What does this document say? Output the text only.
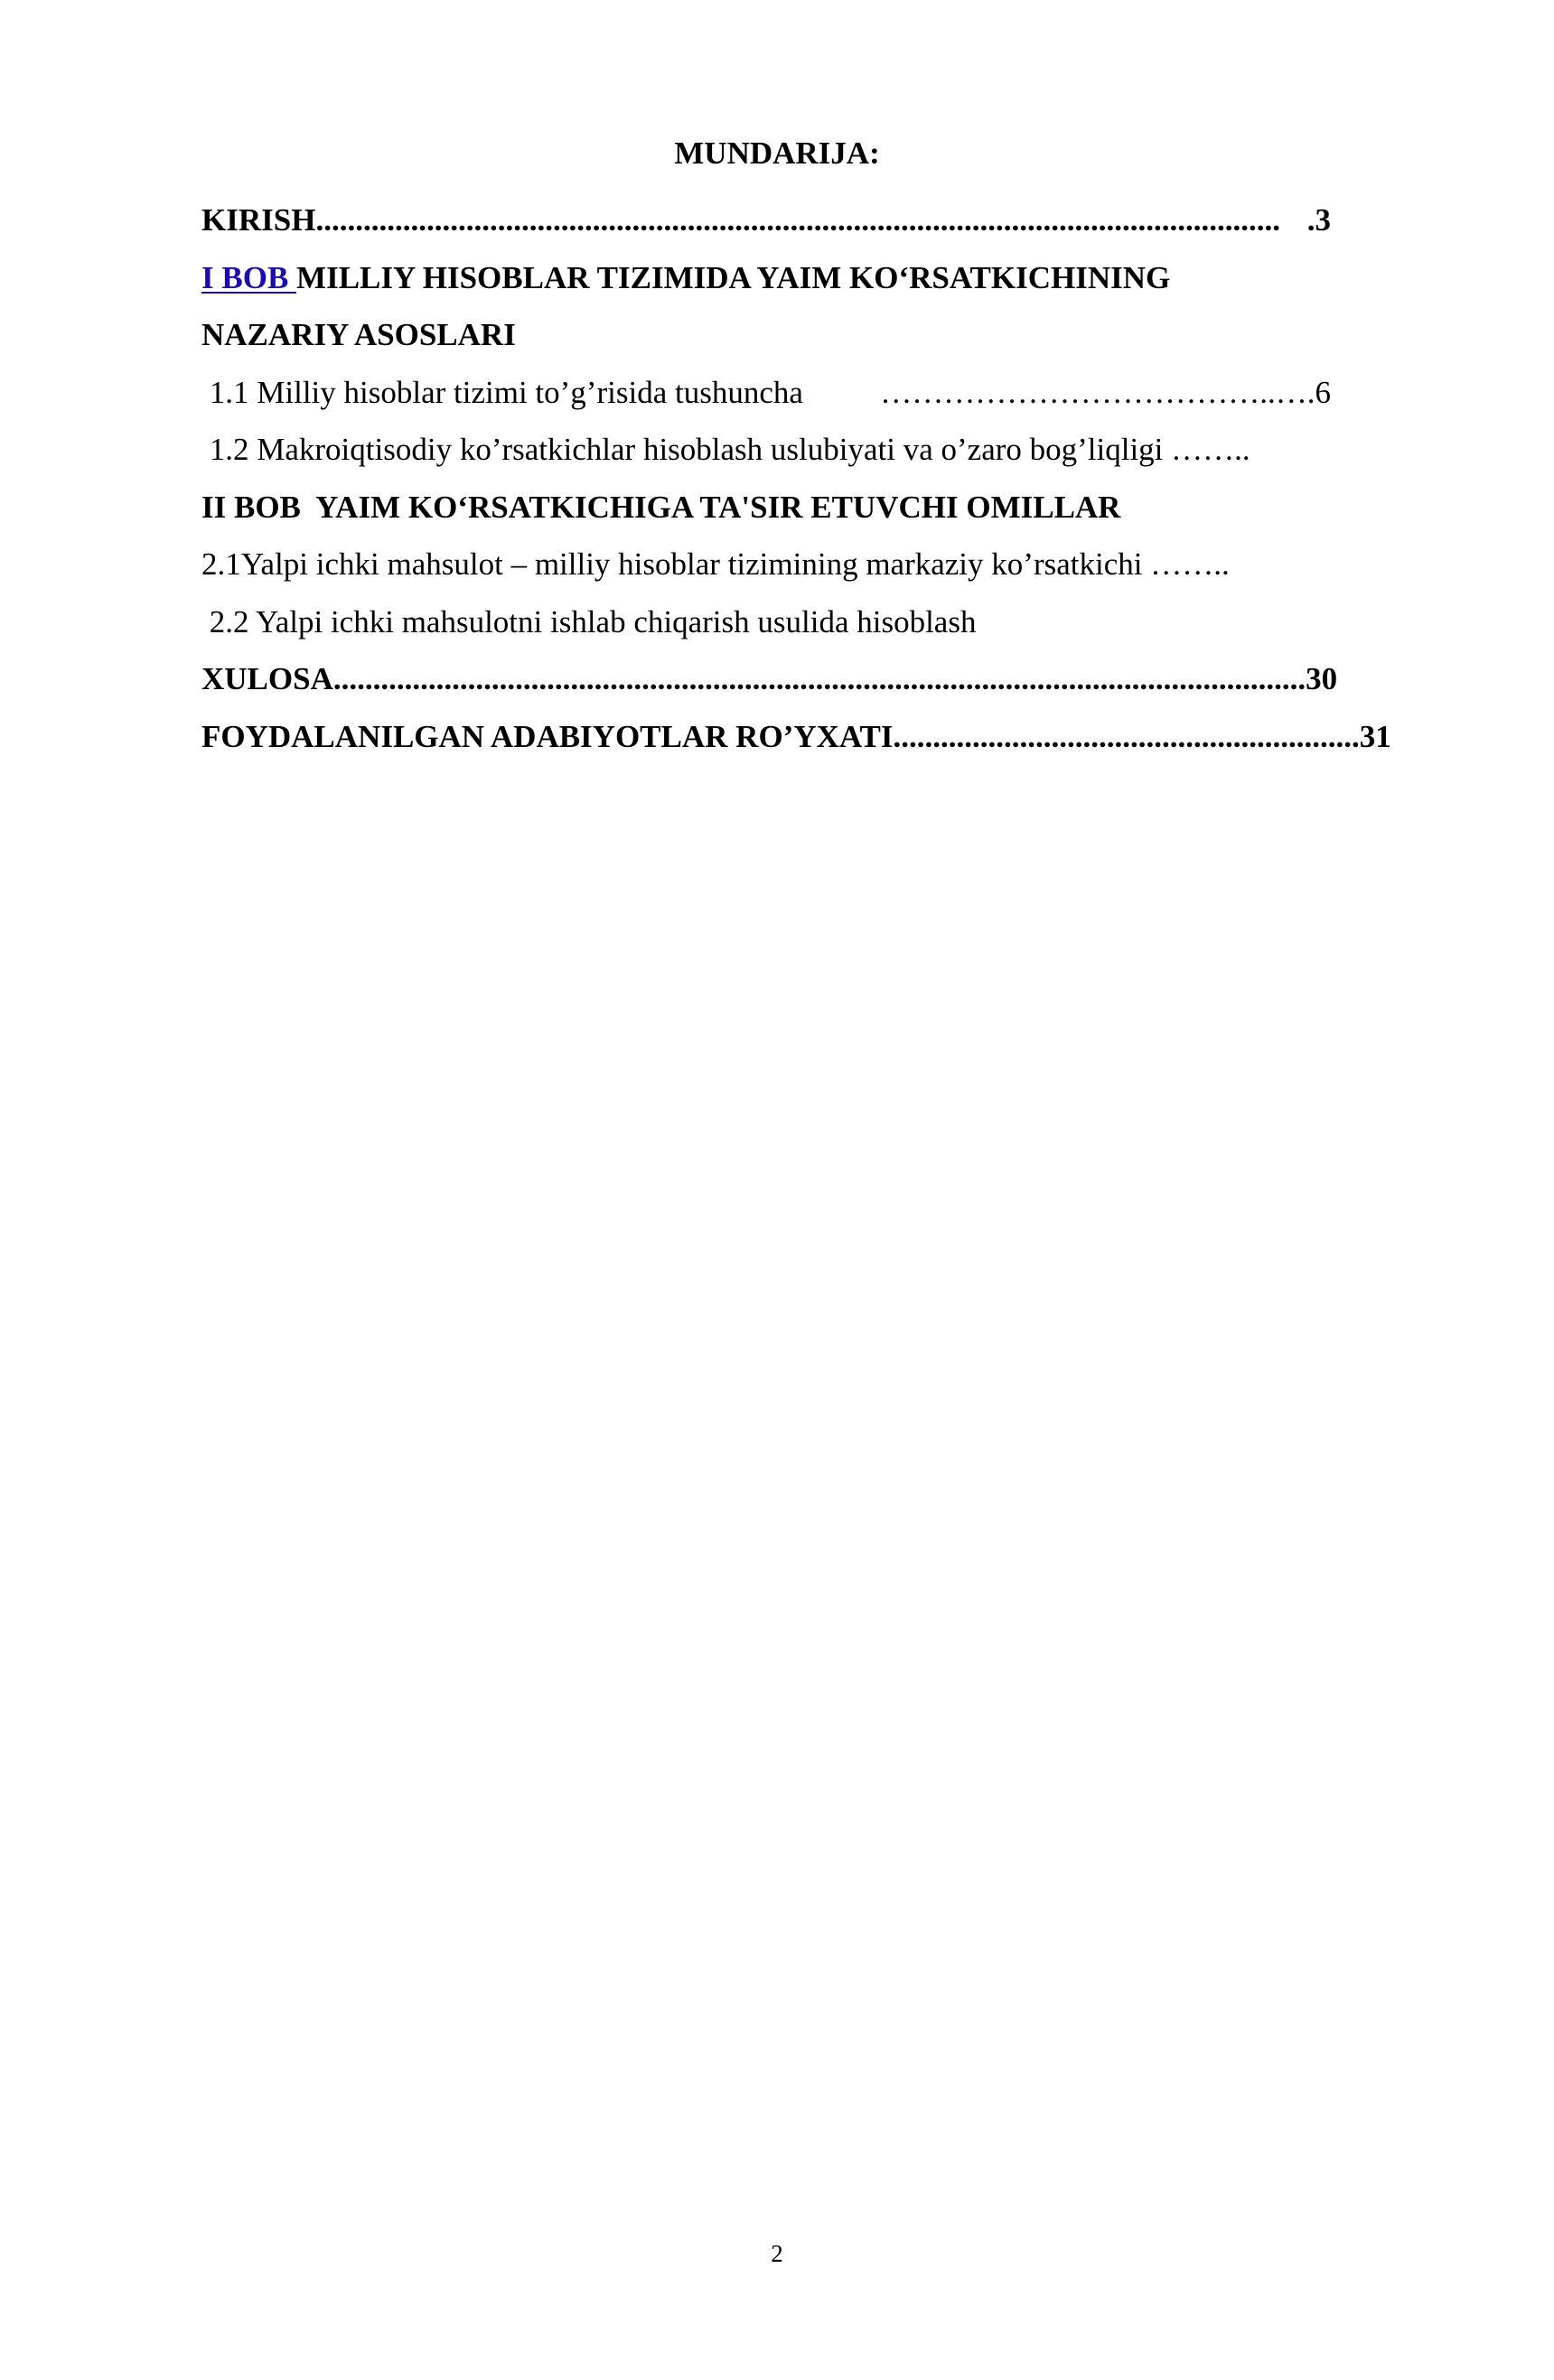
MUNDARIJA:
KIRISH .......................................................................................................................... .3
I BOB MILLIY HISOBLAR TIZIMIDA YAIM KO‘RSATKICHINING
NAZARIY ASOSLARI
1.1 Milliy hisoblar tizimi to’g’risida tushuncha	……………………………….. ….6
1.2 Makroiqtisodiy ko’rsatkichlar hisoblash uslubiyati va o’zaro bog’liqligi ……..
II BOB  YAIM KO‘RSATKICHIGA TA'SIR ETUVCHI OMILLAR
2.1Yalpi ichki mahsulot – milliy hisoblar tizimining markaziy ko’rsatkichi ……..
2.2 Yalpi ichki mahsulotni ishlab chiqarish usulida hisoblash
XULOSA .......................................................................................................................... .30
FOYDALANILGAN ADABIYOTLAR RO’YXATI .......................................................... .31
2
